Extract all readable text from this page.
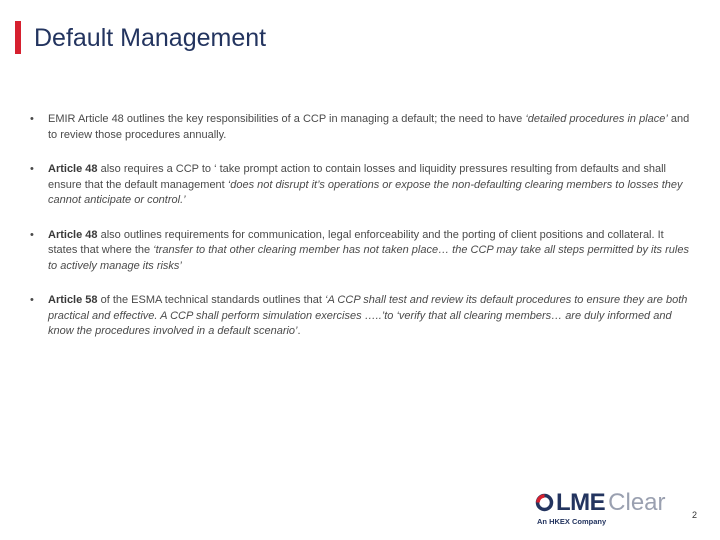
Default Management
• EMIR Article 48 outlines the key responsibilities of a CCP in managing a default; the need to have ‘detailed procedures in place’ and to review those procedures annually.
• Article 48 also requires a CCP to ‘ take prompt action to contain losses and liquidity pressures resulting from defaults and shall ensure that the default management ‘does not disrupt it’s operations or expose the non-defaulting clearing members to losses they cannot anticipate or control.’
• Article 48 also outlines requirements for communication, legal enforceability and the porting of client positions and collateral. It states that where the ‘transfer to that other clearing member has not taken place… the CCP may take all steps permitted by its rules to actively manage its risks’
• Article 58 of the ESMA technical standards outlines that ‘A CCP shall test and review its default procedures to ensure they are both practical and effective. A CCP shall perform simulation exercises …..’to ‘verify that all clearing members… are duly informed and know the procedures involved in a default scenario’.
LME Clear
An HKEX Company
2
